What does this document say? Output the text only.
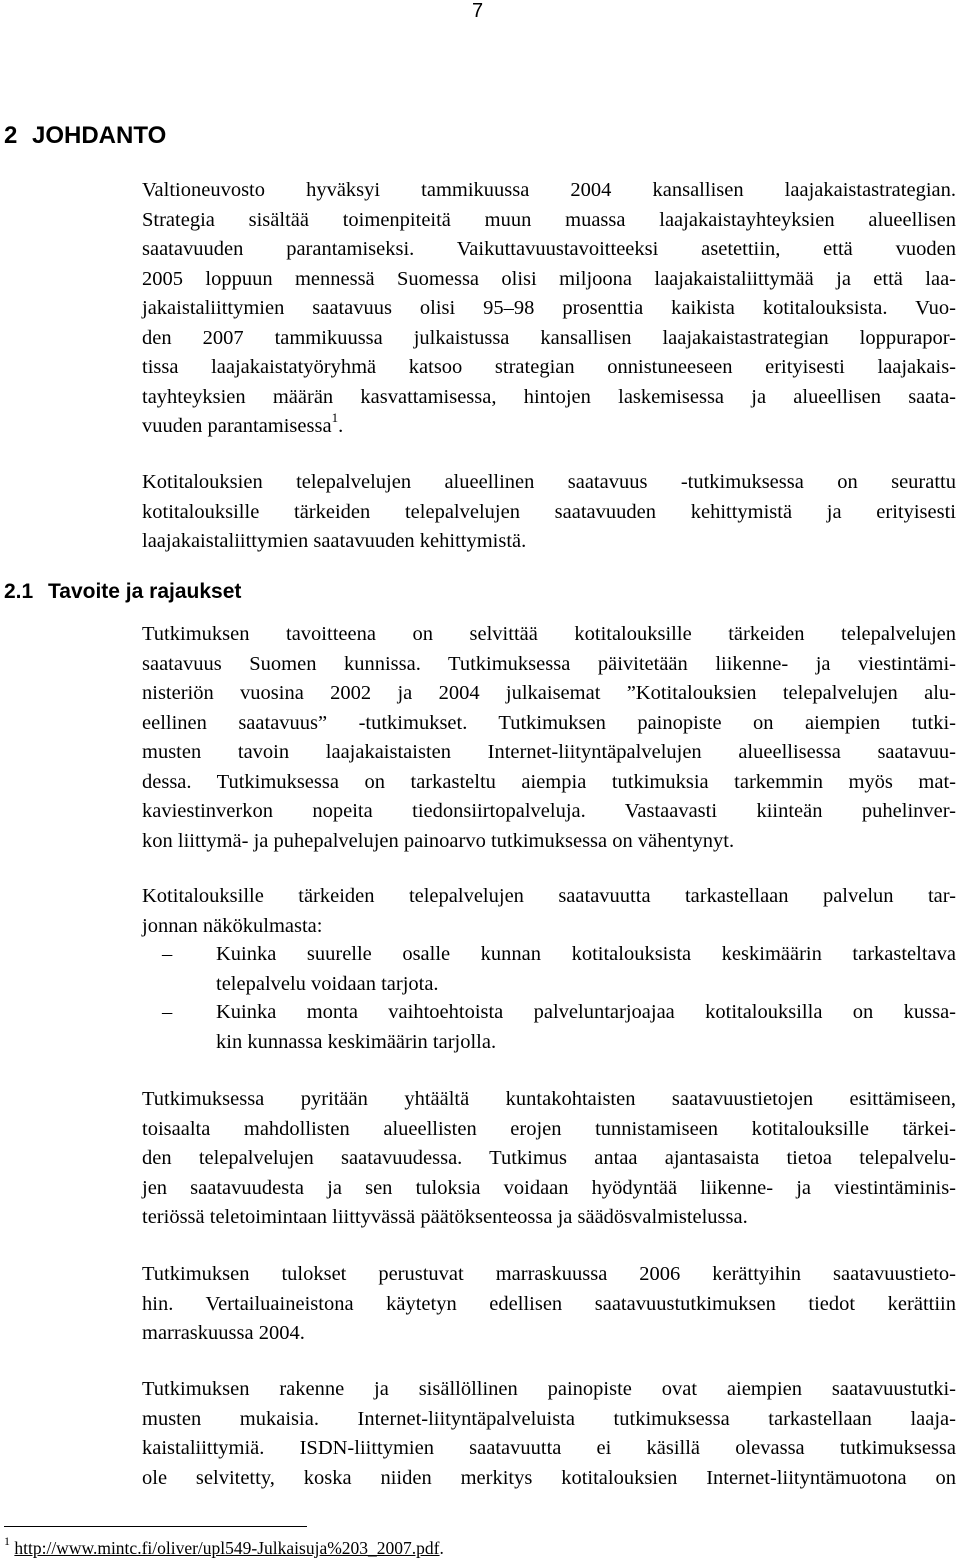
7
2 JOHDANTO
Valtioneuvosto hyväksyi tammikuussa 2004 kansallisen laajakaistastrategian.
Strategia sisältää toimenpiteitä muun muassa laajakaistayhteyksien alueellisen
saatavuuden parantamiseksi. Vaikuttavuustavoitteeksi asetettiin, että vuoden
2005 loppuun mennessä Suomessa olisi miljoona laajakaistaliittymää ja että laa-
jakaistaliittymien saatavuus olisi 95–98 prosenttia kaikista kotitalouksista. Vuo-
den 2007 tammikuussa julkaistussa kansallisen laajakaistastrategian loppurapor-
tissa laajakaistatyöryhmä katsoo strategian onnistuneeseen erityisesti laajakais-
tayhteyksien määrän kasvattamisessa, hintojen laskemisessa ja alueellisen saata-
vuuden parantamisessa$^1$.
Kotitalouksien telepalvelujen alueellinen saatavuus -tutkimuksessa on seurattu
kotitalouksille tärkeiden telepalvelujen saatavuuden kehittymistä ja erityisesti
laajakaistaliittymien saatavuuden kehittymistä.
2.1 Tavoite ja rajaukset
Tutkimuksen tavoitteena on selvittää kotitalouksille tärkeiden telepalvelujen
saatavuus Suomen kunnissa. Tutkimuksessa päivitetään liikenne- ja viestintämi-
nisteriön vuosina 2002 ja 2004 julkaisemat ”Kotitalouksien telepalvelujen alu-
eellinen saatavuus” -tutkimukset. Tutkimuksen painopiste on aiempien tutki-
musten tavoin laajakaistaisten Internet-liityntäpalvelujen alueellisessa saatavuu-
dessa. Tutkimuksessa on tarkasteltu aiempia tutkimuksia tarkemmin myös mat-
kaviestinverkon nopeita tiedonsiirtopalveluja. Vastaavasti kiinteän puhelinver-
kon liittymä- ja puhepalvelujen painoarvo tutkimuksessa on vähentynyt.
Kotitalouksille tärkeiden telepalvelujen saatavuutta tarkastellaan palvelun tar-
jonnan näkökulmasta:
– Kuinka suurelle osalle kunnan kotitalouksista keskimäärin tarkasteltava
telepalvelu voidaan tarjota.
– Kuinka monta vaihtoehtoista palveluntarjoajaa kotitalouksilla on kussa-
kin kunnassa keskimäärin tarjolla.
Tutkimuksessa pyritään yhtäältä kuntakohtaisten saatavuustietojen esittämiseen,
toisaalta mahdollisten alueellisten erojen tunnistamiseen kotitalouksille tärkei-
den telepalvelujen saatavuudessa. Tutkimus antaa ajantasaista tietoa telepalvelu-
jen saatavuudesta ja sen tuloksia voidaan hyödyntää liikenne- ja viestintäminis-
teriössä teletoimintaan liittyvässä päätöksenteossa ja säädösvalmistelussa.
Tutkimuksen tulokset perustuvat marraskuussa 2006 kerättyihin saatavuustieto-
hin. Vertailuaineistona käytetyn edellisen saatavuustutkimuksen tiedot kerättiin
marraskuussa 2004.
Tutkimuksen rakenne ja sisällöllinen painopiste ovat aiempien saatavuustutki-
musten mukaisia. Internet-liityntäpalveluista tutkimuksessa tarkastellaan laaja-
kaistaliittymiä. ISDN-liittymien saatavuutta ei käsillä olevassa tutkimuksessa
ole selvitetty, koska niiden merkitys kotitalouksien Internet-liityntämuotona on
$^1$ http://www.mintc.fi/oliver/upl549-Julkaisuja%203_2007.pdf.
